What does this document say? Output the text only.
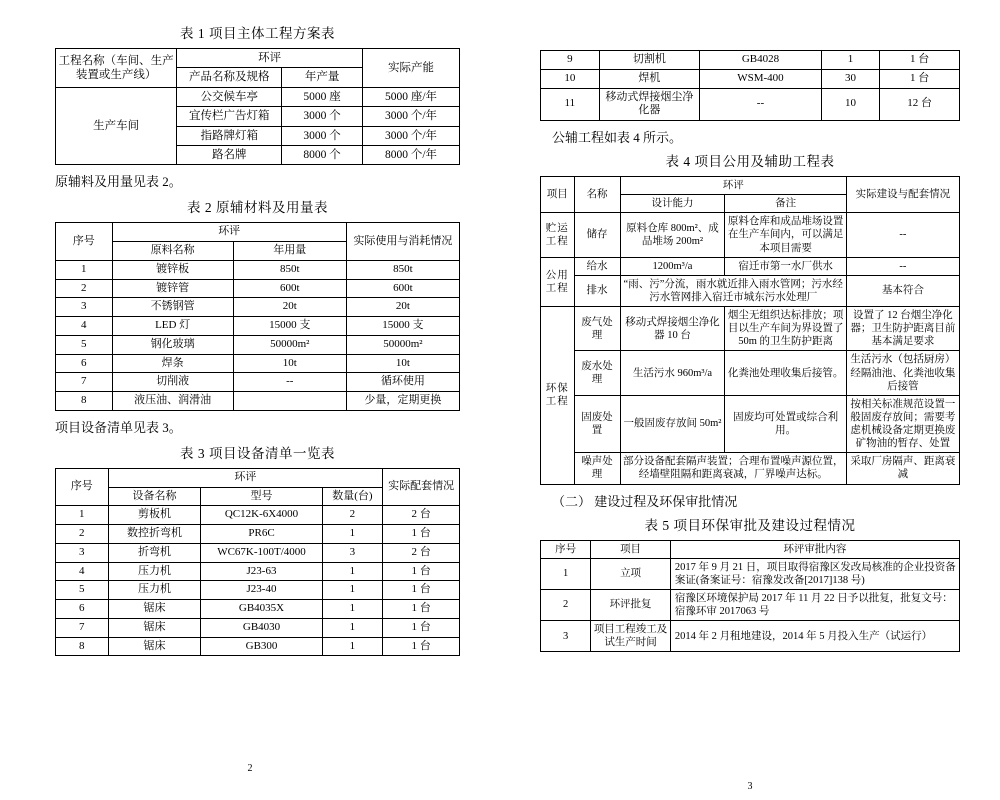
表 1 项目主体工程方案表
工程名称（车间、生产装置或生产线）	环评		实际产能
	产品名称及规格	年产量	
生产车间	公交候车亭	5000 座	5000 座/年
	宜传栏广告灯箱	3000 个	3000 个/年
	指路牌灯箱	3000 个	3000 个/年
	路名牌	8000 个	8000 个/年
原辅料及用量见表 2。
表 2 原辅材料及用量表
序号	环评		实际使用与消耗情况
	原料名称	年用量	
1	镀锌板	850t	850t
2	镀锌管	600t	600t
3	不锈钢管	20t	20t
4	LED 灯	15000 支	15000 支
5	钢化玻璃	50000m²	50000m²
6	焊条	10t	10t
7	切削液	--	循环使用
8	液压油、润滑油		少量，定期更换
项目设备清单见表 3。
表 3 项目设备清单一览表
序号	环评			实际配套情况
	设备名称	型号	数量(台)	
1	剪板机	QC12K-6X4000	2	2 台
2	数控折弯机	PR6C	1	1 台
3	折弯机	WC67K-100T/4000	3	2 台
4	压力机	J23-63	1	1 台
5	压力机	J23-40	1	1 台
6	锯床	GB4035X	1	1 台
7	锯床	GB4030	1	1 台
8	锯床	GB300	1	1 台
2
9	切割机	GB4028	1	1 台
10	焊机	WSM-400	30	1 台
11	移动式焊接烟尘净化器	--	10	12 台
公辅工程如表 4 所示。
表 4 项目公用及辅助工程表
项目	名称	环评		实际建设与配套情况
		设计能力	备注	
贮运工程	储存	原料仓库 800m²、成品堆场 200m²	原料仓库和成品堆场设置在生产车间内，可以满足本项目需要	--
公用工程	给水	1200m³/a	宿迁市第一水厂供水	--
	排水	“雨、污”分流，雨水就近排入雨水管网；污水经污水管网排入宿迁市城东污水处理厂		基本符合
环保工程	废气处理	移动式焊接烟尘净化器 10 台	烟尘无组织达标排放；项目以生产车间为界设置了 50m 的卫生防护距离	设置了 12 台烟尘净化器；卫生防护距离目前基本满足要求
	废水处理	生活污水 960m³/a	化粪池处理收集后接管。	生活污水（包括厨房）经隔油池、化粪池收集后接管
	固废处置	一般固废存放间 50m²	固废均可处置或综合利用。	按相关标准规范设置一般固废存放间；需要考虑机械设备定期更换废矿物油的暂存、处置
	噪声处理	部分设备配套隔声装置；合理布置噪声源位置，经墙壁阻隔和距离衰减，厂界噪声达标。		采取厂房隔声、距离衰减
（二） 建设过程及环保审批情况
表 5 项目环保审批及建设过程情况
序号	项目	环评审批内容
1	立项	2017 年 9 月 21 日，项目取得宿豫区发改局核准的企业投资备案证(备案证号：宿豫发改备[2017]138 号)
2	环评批复	宿豫区环境保护局 2017 年 11 月 22 日予以批复，批复文号：宿豫环审 2017063 号
3	项目工程竣工及试生产时间	2014 年 2 月租地建设，2014 年 5 月投入生产（试运行）
3
